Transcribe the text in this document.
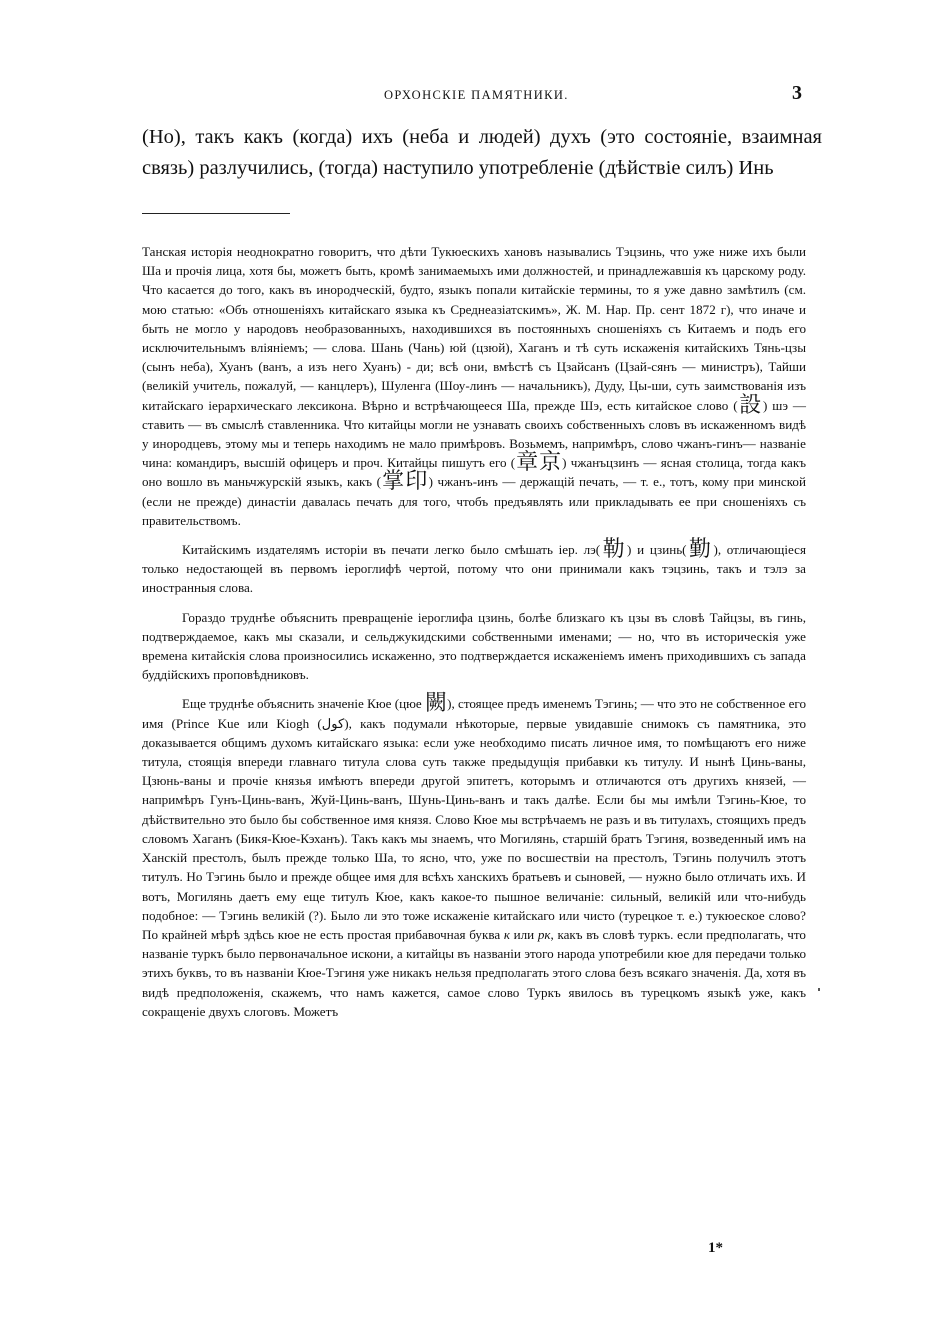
ОРХОНСКІЕ ПАМЯТНИКИ.	3

(Но), такъ какъ (когда) ихъ (неба и людей) духъ (это состояніе, взаимная связь) разлучились, (тогда) наступило употребленіе (дѣйствіе силъ) Инь

Танская исторія неоднократно говоритъ, что дѣти Тукюеcкихъ хановъ назывались Тэцзинь, что уже ниже ихъ были Ша и прочія лица, хотя бы, можетъ быть, кромѣ занимаемыхъ ими должностей, и принадлежавшія къ царскому роду. Что касается до того, какъ въ инородческій, будто, языкъ попали китайскіе термины, то я уже давно замѣтилъ (см. мою статью: «Объ отношеніяхъ китайскаго языка къ Среднеазіатскимъ», Ж. М. Нар. Пр. сент 1872 г), что иначе и быть не могло у народовъ необразованныхъ, находившихся въ постоянныхъ сношеніяхъ съ Китаемъ и подъ его исключительнымъ вліяніемъ; — слова. Шань (Чань) юй (цзюй), Хаганъ и тѣ суть искаженія китайскихъ Тянь-цзы (сынъ неба), Хуанъ (ванъ, а изъ него Хуанъ) - ди; всѣ они, вмѣстѣ съ Цзайсанъ (Цзай-сянъ — министръ), Тайши (великій учитель, пожалуй, — канцлеръ), Шуленга (Шоу-линъ — начальникъ), Дуду, Цы-ши, суть заимствованія изъ китайскаго іерархическаго лексикона. Вѣрно и встрѣчающееся Ша, прежде Шэ, есть китайское слово (設) шэ — ставить — въ смыслѣ ставленника. Что китайцы могли не узнавать своихъ собственныхъ словъ въ искаженномъ видѣ у инородцевъ, этому мы и теперь находимъ не мало примѣровъ. Возьмемъ, напримѣръ, слово чжанъ-гинъ— названіе чина: командиръ, высшій офицеръ и проч. Китайцы пишутъ его (章京) чжанъцзинъ — ясная столица, тогда какъ оно вошло въ маньчжурскій языкъ, какъ (掌印) чжанъ-инъ — держащій печать, — т. е., тотъ, кому при минской (если не прежде) династіи давалась печать для того, чтобъ предъявлять или прикладывать ее при сношеніяхъ съ правительствомъ.

Китайскимъ издателямъ исторіи въ печати легко было смѣшать іер. лэ(勒) и цзинь(勤), отличающіеся только недостающей въ первомъ іероглифѣ чертой, потому что они принимали какъ тэцзинь, такъ и тэлэ за иностранныя слова.

Гораздо труднѣе объяснить превращеніе іероглифа цзинь, болѣе близкаго къ цзы въ словѣ Тайцзы, въ гинь, подтверждаемое, какъ мы сказали, и сельджукидскими собственными именами; — но, что въ историческія уже времена китайскія слова произносились искаженно, это подтверждается искаженіемъ именъ приходившихъ съ запада буддійскихъ проповѣдниковъ.

Еще труднѣе объяснить значеніе Кюе (цюе 闕), стоящее предъ именемъ Тэгинь; — что это не собственное его имя (Prince Kue или Kiogh (كول), какъ подумали нѣкоторые, первые увидавшіе снимокъ съ памятника, это доказывается общимъ духомъ китайскаго языка: если уже необходимо писать личное имя, то помѣщаютъ его ниже титула, стоящія впереди главнаго титула слова суть также предыдущія прибавки къ титулу. И нынѣ Цинь-ваны, Цзюнь-ваны и прочіе князья имѣютъ впереди другой эпитетъ, которымъ и отличаются отъ другихъ князей, — напримѣръ Гунъ-Цинь-ванъ, Жуй-Цинь-ванъ, Шунь-Цинь-ванъ и такъ далѣе. Если бы мы имѣли Тэгинь-Кюе, то дѣйствительно это было бы собственное имя князя. Слово Кюе мы встрѣчаемъ не разъ и въ титулахъ, стоящихъ предъ словомъ Хаганъ (Бикя-Кюе-Кэханъ). Такъ какъ мы знаемъ, что Могилянь, старшій братъ Тэгиня, возведенный имъ на Ханскій престолъ, былъ прежде только Ша, то ясно, что, уже по восшествіи на престолъ, Тэгинь получилъ этотъ титулъ. Но Тэгинь было и прежде общее имя для всѣхъ ханскихъ братьевъ и сыновей, — нужно было отличать ихъ. И вотъ, Могилянь даетъ ему еще титулъ Кюе, какъ какое-то пышное величаніе: сильный, великій или что-нибудь подобное: — Тэгинь великій (?). Было ли это тоже искаженіе китайскаго или чисто (турецкое т. е.) тукюеское слово? По крайней мѣрѣ здѣсь кюе не есть простая прибавочная буква к или рк, какъ въ словѣ туркъ. если предполагать, что названіе туркъ было первоначальное искони, а китайцы въ названіи этого народа употребили кюе для передачи только этихъ буквъ, то въ названіи Кюе-Тэгиня уже никакъ нельзя предполагать этого слова безъ всякаго значенія. Да, хотя въ видѣ предположенія, скажемъ, что намъ кажется, самое слово Туркъ явилось въ турецкомъ языкѣ уже, какъ сокращеніе двухъ слоговъ. Можетъ

1*
